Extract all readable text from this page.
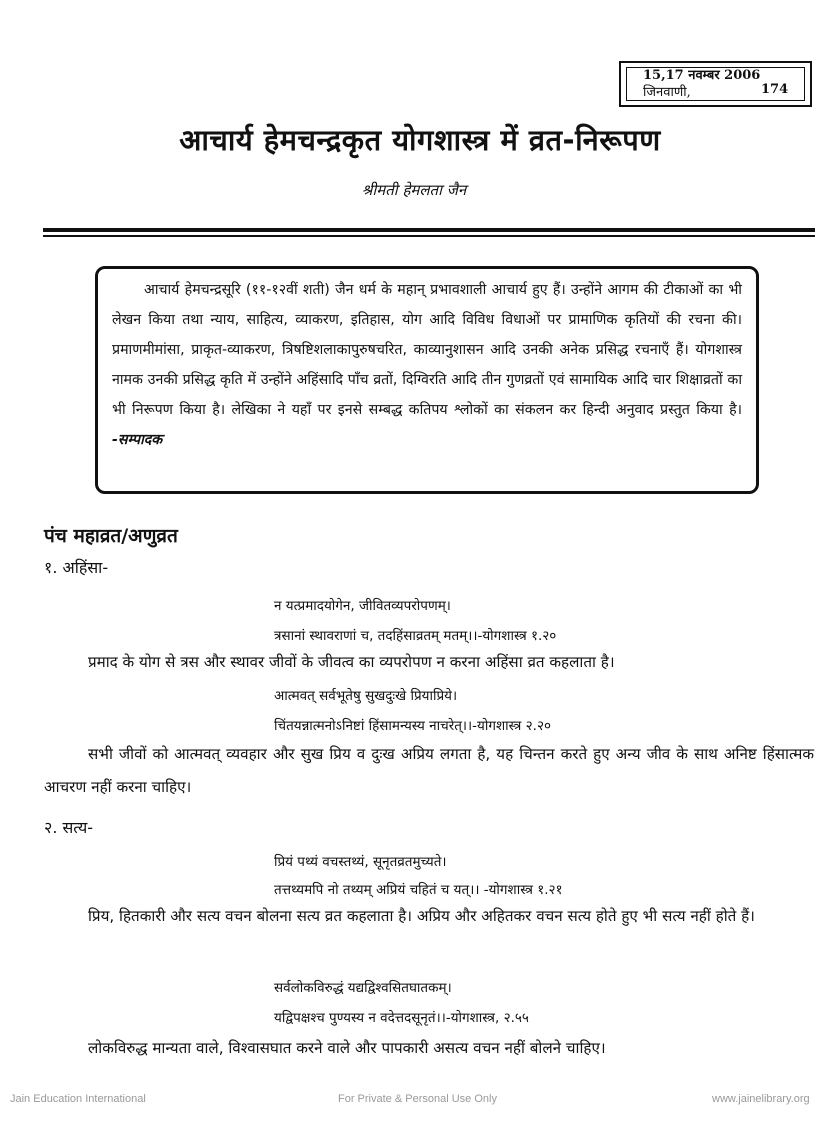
15,17 नवम्बर 2006
जिनवाणी,	174
आचार्य हेमचन्द्रकृत योगशास्त्र में व्रत-निरूपण
श्रीमती हेमलता जैन

आचार्य हेमचन्द्रसूरि (११-१२वीं शती) जैन धर्म के महान् प्रभावशाली आचार्य हुए हैं। उन्होंने आगम की टीकाओं का भी लेखन किया तथा न्याय, साहित्य, व्याकरण, इतिहास, योग आदि विविध विधाओं पर प्रामाणिक कृतियों की रचना की। प्रमाणमीमांसा, प्राकृत-व्याकरण, त्रिषष्टिशलाकापुरुषचरित, काव्यानुशासन आदि उनकी अनेक प्रसिद्ध रचनाएँ हैं। योगशास्त्र नामक उनकी प्रसिद्ध कृति में उन्होंने अहिंसादि पाँच व्रतों, दिग्विरति आदि तीन गुणव्रतों एवं सामायिक आदि चार शिक्षाव्रतों का भी निरूपण किया है। लेखिका ने यहाँ पर इनसे सम्बद्ध कतिपय श्लोकों का संकलन कर हिन्दी अनुवाद प्रस्तुत किया है। -सम्पादक

पंच महाव्रत/अणुव्रत
१. अहिंसा-
न यत्प्रमादयोगेन, जीवितव्यपरोपणम्।
त्रसानां स्थावराणां च, तदहिंसाव्रतम् मतम्।।-योगशास्त्र १.२०
प्रमाद के योग से त्रस और स्थावर जीवों के जीवत्व का व्यपरोपण न करना अहिंसा व्रत कहलाता है।
आत्मवत् सर्वभूतेषु सुखदुःखे प्रियाप्रिये।
चिंतयन्नात्मनोऽनिष्टां हिंसामन्यस्य नाचरेत्।।-योगशास्त्र २.२०
सभी जीवों को आत्मवत् व्यवहार और सुख प्रिय व दुःख अप्रिय लगता है, यह चिन्तन करते हुए अन्य जीव के साथ अनिष्ट हिंसात्मक आचरण नहीं करना चाहिए।
२. सत्य-
प्रियं पथ्यं वचस्तथ्यं, सूनृतव्रतमुच्यते।
तत्तथ्यमपि नो तथ्यम् अप्रियं चहितं च यत्।। -योगशास्त्र १.२१
प्रिय, हितकारी और सत्य वचन बोलना सत्य व्रत कहलाता है। अप्रिय और अहितकर वचन सत्य होते हुए भी सत्य नहीं होते हैं।
सर्वलोकविरुद्धं यद्यद्विश्वसितघातकम्।
यद्विपक्षश्च पुण्यस्य न वदेत्तदसूनृतं।।-योगशास्त्र, २.५५
लोकविरुद्ध मान्यता वाले, विश्वासघात करने वाले और पापकारी असत्य वचन नहीं बोलने चाहिए।
Jain Education International	For Private & Personal Use Only	www.jainelibrary.org
